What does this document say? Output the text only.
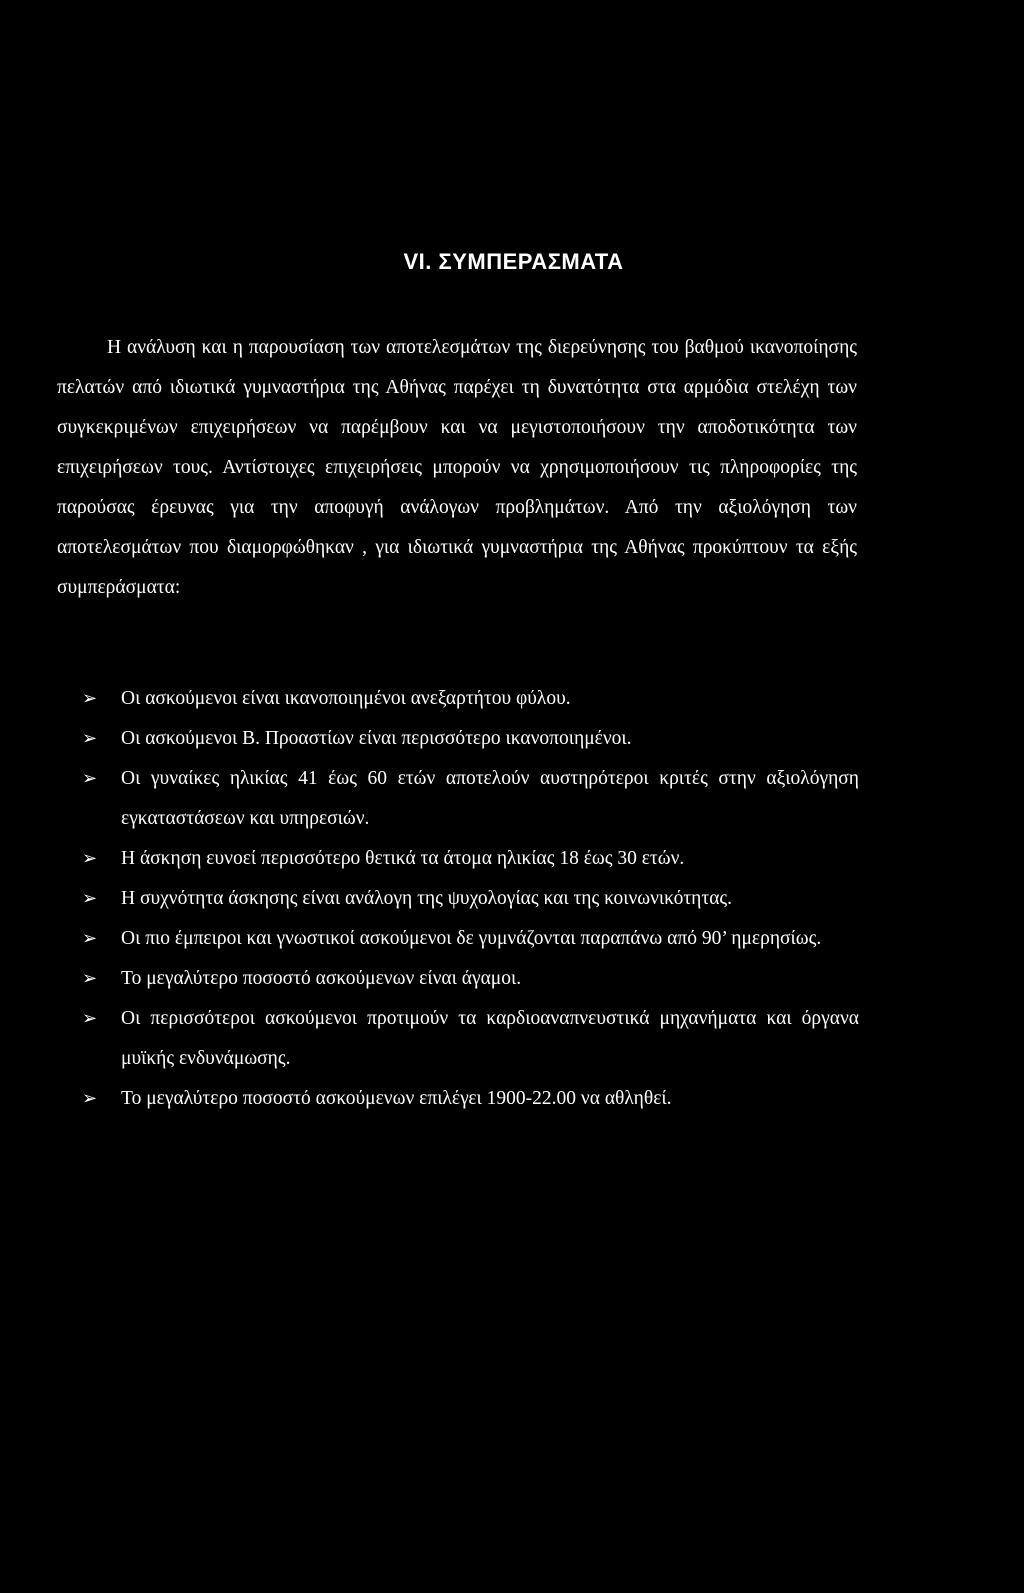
VI. ΣΥΜΠΕΡΑΣΜΑΤΑ

Η ανάλυση και η παρουσίαση των αποτελεσμάτων της διερεύνησης του βαθμού ικανοποίησης πελατών από ιδιωτικά γυμναστήρια της Αθήνας παρέχει τη δυνατότητα στα αρμόδια στελέχη των συγκεκριμένων επιχειρήσεων να παρέμβουν και να μεγιστοποιήσουν την αποδοτικότητα των επιχειρήσεων τους. Αντίστοιχες επιχειρήσεις μπορούν να χρησιμοποιήσουν τις πληροφορίες της παρούσας έρευνας για την αποφυγή ανάλογων προβλημάτων. Από την αξιολόγηση των αποτελεσμάτων που διαμορφώθηκαν , για ιδιωτικά γυμναστήρια της Αθήνας προκύπτουν τα εξής συμπεράσματα:

➢ Οι ασκούμενοι είναι ικανοποιημένοι ανεξαρτήτου φύλου.
➢ Οι ασκούμενοι Β. Προαστίων είναι περισσότερο ικανοποιημένοι.
➢ Οι γυναίκες ηλικίας 41 έως 60 ετών αποτελούν αυστηρότεροι κριτές στην αξιολόγηση εγκαταστάσεων και υπηρεσιών.
➢ Η άσκηση ευνοεί περισσότερο θετικά τα άτομα ηλικίας 18 έως 30 ετών.
➢ Η συχνότητα άσκησης είναι ανάλογη της ψυχολογίας και της κοινωνικότητας.
➢ Οι πιο έμπειροι και γνωστικοί ασκούμενοι δε γυμνάζονται παραπάνω από 90’ ημερησίως.
➢ Το μεγαλύτερο ποσοστό ασκούμενων είναι άγαμοι.
➢ Οι περισσότεροι ασκούμενοι προτιμούν τα καρδιοαναπνευστικά μηχανήματα και όργανα μυϊκής ενδυνάμωσης.
➢ Το μεγαλύτερο ποσοστό ασκούμενων επιλέγει 1900-22.00 να αθληθεί.
